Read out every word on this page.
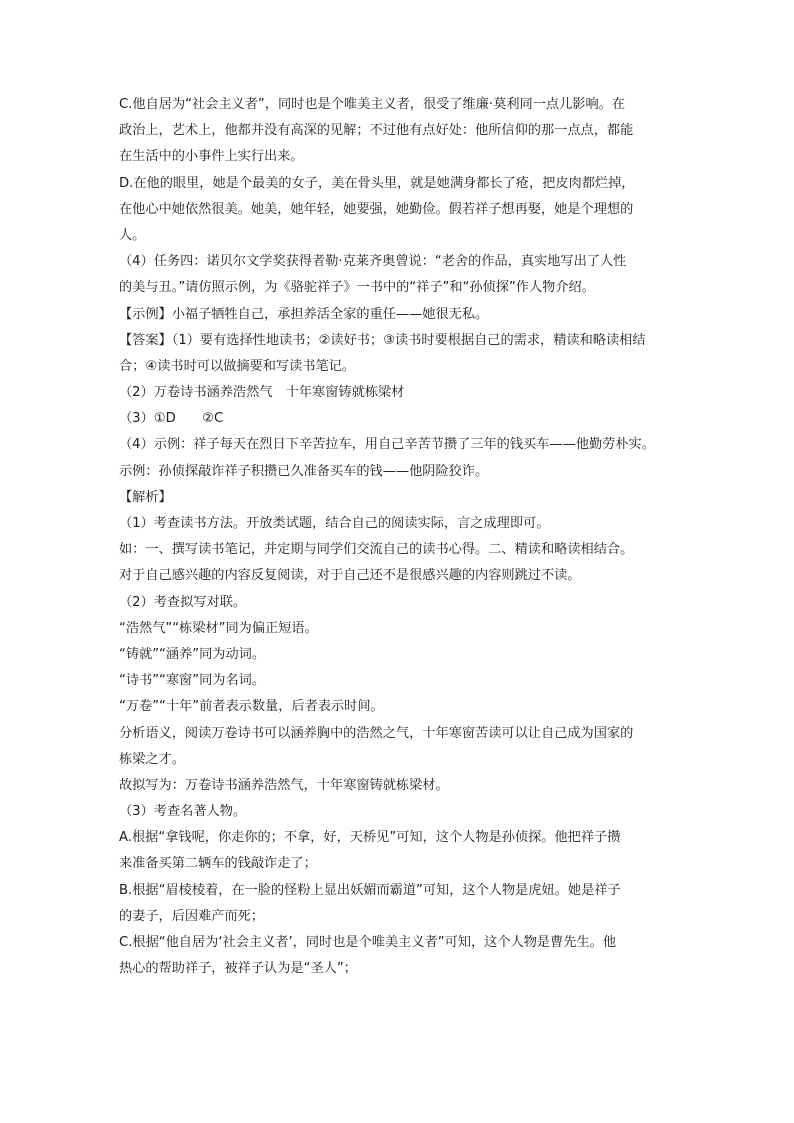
C.他自居为“社会主义者”，同时也是个唯美主义者，很受了维廉·莫利同一点儿影响。在
政治上，艺术上，他都并没有高深的见解；不过他有点好处：他所信仰的那一点点，都能
在生活中的小事件上实行出来。
D.在他的眼里，她是个最美的女子，美在骨头里，就是她满身都长了疮，把皮肉都烂掉，
在他心中她依然很美。她美，她年轻，她要强，她勤俭。假若祥子想再娶，她是个理想的
人。
（4）任务四：诺贝尔文学奖获得者勒·克莱齐奥曾说：“老舍的作品，真实地写出了人性
的美与丑。”请仿照示例，为《骆驼祥子》一书中的“祥子”和“孙侦探”作人物介绍。
【示例】小福子牺牲自己，承担养活全家的重任——她很无私。
【答案】（1）要有选择性地读书；②读好书；③读书时要根据自己的需求，精读和略读相结
合；④读书时可以做摘要和写读书笔记。
（2）万卷诗书涵养浩然气　十年寒窗铸就栋梁材
（3）①D　　②C
（4）示例：祥子每天在烈日下辛苦拉车，用自己辛苦节攒了三年的钱买车——他勤劳朴实。
示例：孙侦探敲诈祥子积攒已久准备买车的钱——他阴险狡诈。
【解析】
（1）考查读书方法。开放类试题，结合自己的阅读实际，言之成理即可。
如：一、撰写读书笔记，并定期与同学们交流自己的读书心得。二、精读和略读相结合。
对于自己感兴趣的内容反复阅读，对于自己还不是很感兴趣的内容则跳过不读。
（2）考查拟写对联。
“浩然气”“栋梁材”同为偏正短语。
“铸就”“涵养”同为动词。
“诗书”“寒窗”同为名词。
“万卷”“十年”前者表示数量，后者表示时间。
分析语义，阅读万卷诗书可以涵养胸中的浩然之气，十年寒窗苦读可以让自己成为国家的
栋梁之才。
故拟写为：万卷诗书涵养浩然气，十年寒窗铸就栋梁材。
（3）考查名著人物。
A.根据“拿钱呢，你走你的；不拿，好，天桥见”可知，这个人物是孙侦探。他把祥子攒
来准备买第二辆车的钱敲诈走了；
B.根据“眉棱棱着，在一脸的怪粉上显出妖媚而霸道”可知，这个人物是虎妞。她是祥子
的妻子，后因难产而死；
C.根据“他自居为‘社会主义者’，同时也是个唯美主义者”可知，这个人物是曹先生。他
热心的帮助祥子，被祥子认为是“圣人”；
